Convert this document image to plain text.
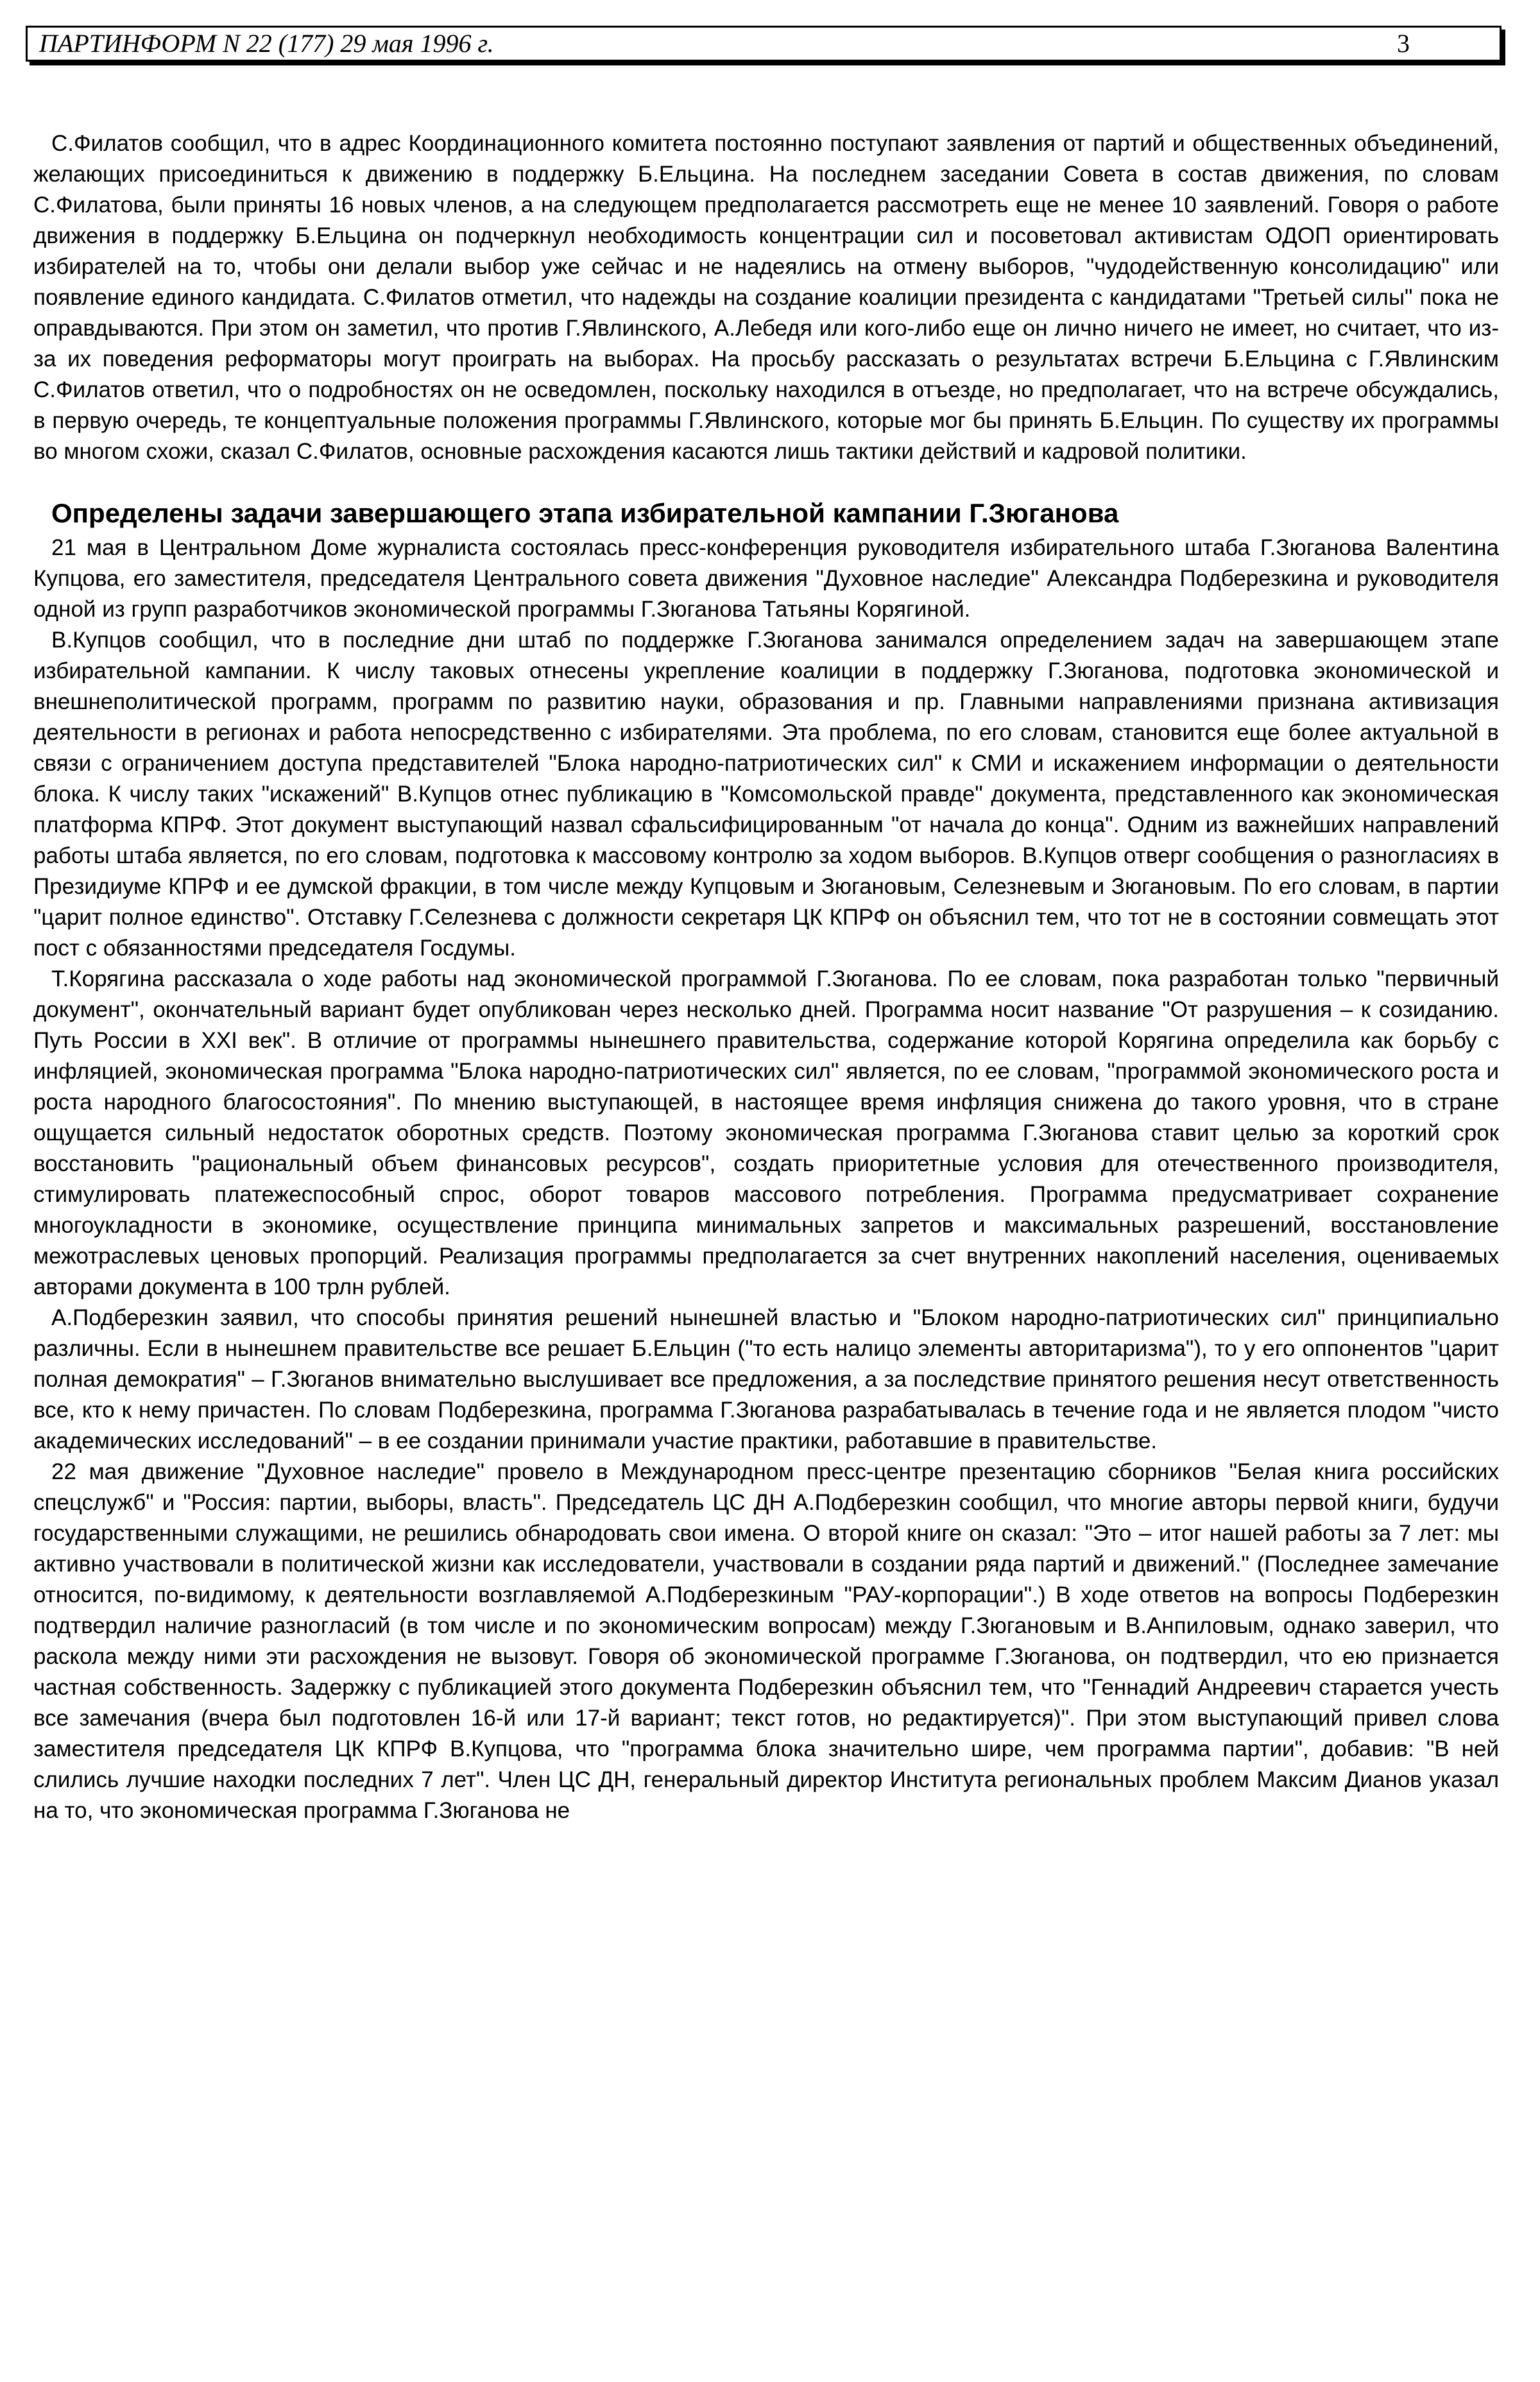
ПАРТИНФОРМ N 22 (177) 29 мая 1996 г.	3

С.Филатов сообщил, что в адрес Координационного комитета постоянно поступают заявления от партий и общественных объединений, желающих присоединиться к движению в поддержку Б.Ельцина. На последнем заседании Совета в состав движения, по словам С.Филатова, были приняты 16 новых членов, а на следующем предполагается рассмотреть еще не менее 10 заявлений. Говоря о работе движения в поддержку Б.Ельцина он подчеркнул необходимость концентрации сил и посоветовал активистам ОДОП ориентировать избирателей на то, чтобы они делали выбор уже сейчас и не надеялись на отмену выборов, "чудодейственную консолидацию" или появление единого кандидата. С.Филатов отметил, что надежды на создание коалиции президента с кандидатами "Третьей силы" пока не оправдываются. При этом он заметил, что против Г.Явлинского, А.Лебедя или кого-либо еще он лично ничего не имеет, но считает, что из-за их поведения реформаторы могут проиграть на выборах. На просьбу рассказать о результатах встречи Б.Ельцина с Г.Явлинским С.Филатов ответил, что о подробностях он не осведомлен, поскольку находился в отъезде, но предполагает, что на встрече обсуждались, в первую очередь, те концептуальные положения программы Г.Явлинского, которые мог бы принять Б.Ельцин. По существу их программы во многом схожи, сказал С.Филатов, основные расхождения касаются лишь тактики действий и кадровой политики.

Определены задачи завершающего этапа избирательной кампании Г.Зюганова

21 мая в Центральном Доме журналиста состоялась пресс-конференция руководителя избирательного штаба Г.Зюганова Валентина Купцова, его заместителя, председателя Центрального совета движения "Духовное наследие" Александра Подберезкина и руководителя одной из групп разработчиков экономической программы Г.Зюганова Татьяны Корягиной.

В.Купцов сообщил, что в последние дни штаб по поддержке Г.Зюганова занимался определением задач на завершающем этапе избирательной кампании. К числу таковых отнесены укрепление коалиции в поддержку Г.Зюганова, подготовка экономической и внешнеполитической программ, программ по развитию науки, образования и пр. Главными направлениями признана активизация деятельности в регионах и работа непосредственно с избирателями. Эта проблема, по его словам, становится еще более актуальной в связи с ограничением доступа представителей "Блока народно-патриотических сил" к СМИ и искажением информации о деятельности блока. К числу таких "искажений" В.Купцов отнес публикацию в "Комсомольской правде" документа, представленного как экономическая платформа КПРФ. Этот документ выступающий назвал сфальсифицированным "от начала до конца". Одним из важнейших направлений работы штаба является, по его словам, подготовка к массовому контролю за ходом выборов. В.Купцов отверг сообщения о разногласиях в Президиуме КПРФ и ее думской фракции, в том числе между Купцовым и Зюгановым, Селезневым и Зюгановым. По его словам, в партии "царит полное единство". Отставку Г.Селезнева с должности секретаря ЦК КПРФ он объяснил тем, что тот не в состоянии совмещать этот пост с обязанностями председателя Госдумы.

Т.Корягина рассказала о ходе работы над экономической программой Г.Зюганова. По ее словам, пока разработан только "первичный документ", окончательный вариант будет опубликован через несколько дней. Программа носит название "От разрушения – к созиданию. Путь России в XXI век". В отличие от программы нынешнего правительства, содержание которой Корягина определила как борьбу с инфляцией, экономическая программа "Блока народно-патриотических сил" является, по ее словам, "программой экономического роста и роста народного благосостояния". По мнению выступающей, в настоящее время инфляция снижена до такого уровня, что в стране ощущается сильный недостаток оборотных средств. Поэтому экономическая программа Г.Зюганова ставит целью за короткий срок восстановить "рациональный объем финансовых ресурсов", создать приоритетные условия для отечественного производителя, стимулировать платежеспособный спрос, оборот товаров массового потребления. Программа предусматривает сохранение многоукладности в экономике, осуществление принципа минимальных запретов и максимальных разрешений, восстановление межотраслевых ценовых пропорций. Реализация программы предполагается за счет внутренних накоплений населения, оцениваемых авторами документа в 100 трлн рублей.

А.Подберезкин заявил, что способы принятия решений нынешней властью и "Блоком народно-патриотических сил" принципиально различны. Если в нынешнем правительстве все решает Б.Ельцин ("то есть налицо элементы авторитаризма"), то у его оппонентов "царит полная демократия" – Г.Зюганов внимательно выслушивает все предложения, а за последствие принятого решения несут ответственность все, кто к нему причастен. По словам Подберезкина, программа Г.Зюганова разрабатывалась в течение года и не является плодом "чисто академических исследований" – в ее создании принимали участие практики, работавшие в правительстве.

22 мая движение "Духовное наследие" провело в Международном пресс-центре презентацию сборников "Белая книга российских спецслужб" и "Россия: партии, выборы, власть". Председатель ЦС ДН А.Подберезкин сообщил, что многие авторы первой книги, будучи государственными служащими, не решились обнародовать свои имена. О второй книге он сказал: "Это – итог нашей работы за 7 лет: мы активно участвовали в политической жизни как исследователи, участвовали в создании ряда партий и движений." (Последнее замечание относится, по-видимому, к деятельности возглавляемой А.Подберезкиным "РАУ-корпорации".) В ходе ответов на вопросы Подберезкин подтвердил наличие разногласий (в том числе и по экономическим вопросам) между Г.Зюгановым и В.Анпиловым, однако заверил, что раскола между ними эти расхождения не вызовут. Говоря об экономической программе Г.Зюганова, он подтвердил, что ею признается частная собственность. Задержку с публикацией этого документа Подберезкин объяснил тем, что "Геннадий Андреевич старается учесть все замечания (вчера был подготовлен 16-й или 17-й вариант; текст готов, но редактируется)". При этом выступающий привел слова заместителя председателя ЦК КПРФ В.Купцова, что "программа блока значительно шире, чем программа партии", добавив: "В ней слились лучшие находки последних 7 лет". Член ЦС ДН, генеральный директор Института региональных проблем Максим Дианов указал на то, что экономическая программа Г.Зюганова не
